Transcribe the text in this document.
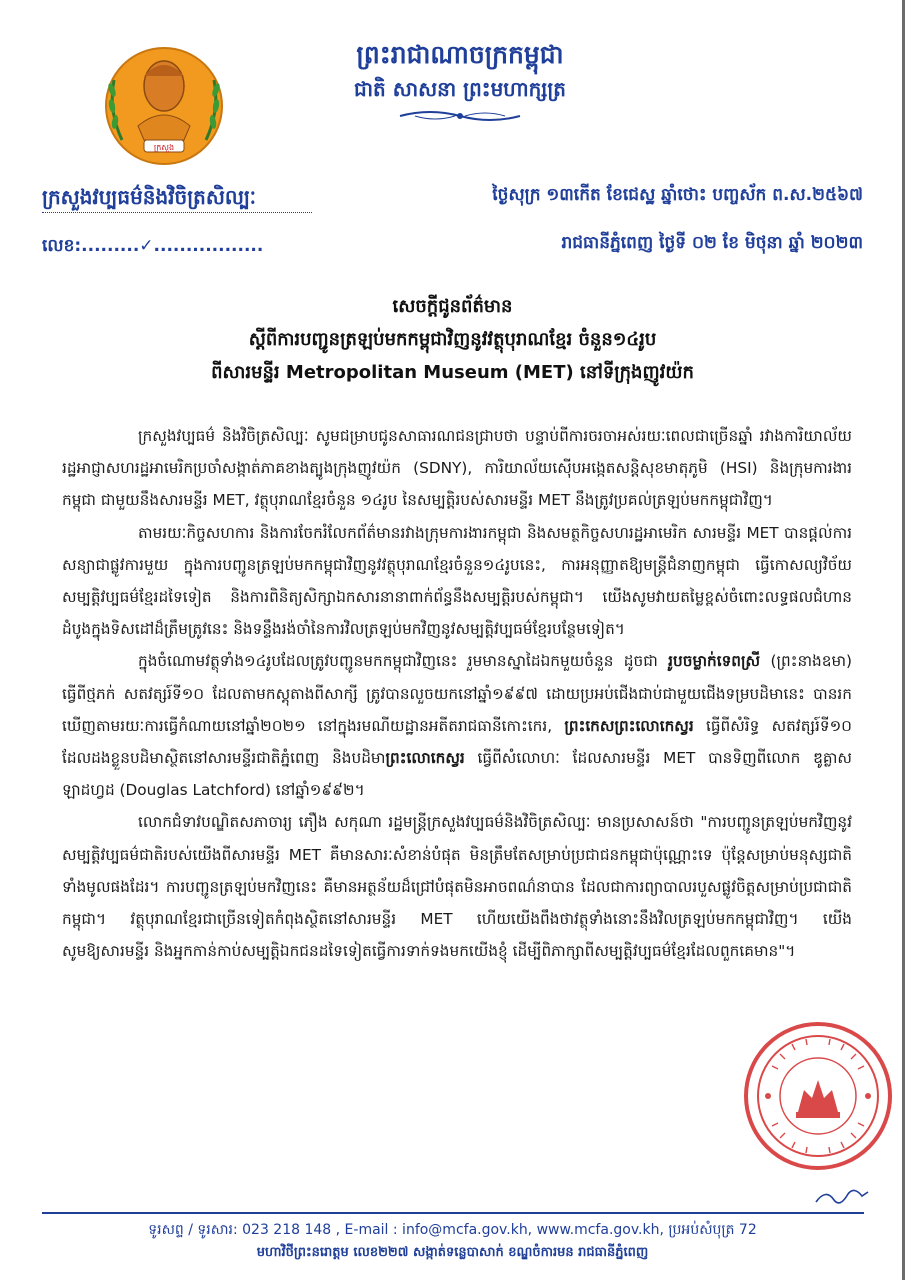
ក្រសួង
ព្រះរាជាណាចក្រកម្ពុជា
ជាតិ សាសនា ព្រះមហាក្សត្រ
ក្រសួងវប្បធម៌និងវិចិត្រសិល្បៈ
លេខ:.........✓.................
ថ្ងៃសុក្រ ១៣កើត ខែជេស្ឋ ឆ្នាំថោះ បញ្ចស័ក ព.ស.២៥៦៧
រាជធានីភ្នំពេញ ថ្ងៃទី ០២ ខែ មិថុនា ឆ្នាំ ២០២៣
សេចក្ដីជូនព័ត៌មាន
ស្ដីពីការបញ្ជូនត្រឡប់មកកម្ពុជាវិញនូវវត្ថុបុរាណខ្មែរ ចំនួន១៤រូប
ពីសារមន្ទីរ Metropolitan Museum (MET) នៅទីក្រុងញូវយ៉ក

ក្រសួងវប្បធម៌ និងវិចិត្រសិល្បៈ សូមជម្រាបជូនសាធារណជនជ្រាបថា បន្ទាប់ពីការចរចាអស់រយៈពេលជាច្រើនឆ្នាំ រវាងការិយាល័យរដ្ឋអាជ្ញាសហរដ្ឋអាមេរិកប្រចាំសង្កាត់ភាគខាងត្បូងក្រុងញូវយ៉ក (SDNY), ការិយាល័យស៊ើបអង្កេតសន្តិសុខមាតុភូមិ (HSI) និងក្រុមការងារកម្ពុជា ជាមួយនឹងសារមន្ទីរ MET, វត្ថុបុរាណខ្មែរចំនួន ១៤រូប នៃសម្បត្តិរបស់សារមន្ទីរ MET នឹងត្រូវប្រគល់ត្រឡប់មកកម្ពុជាវិញ។

តាមរយៈកិច្ចសហការ និងការចែករំលែកព័ត៌មានរវាងក្រុមការងារកម្ពុជា និងសមត្ថកិច្ចសហរដ្ឋអាមេរិក សារមន្ទីរ MET បានផ្ដល់ការសន្យាជាផ្លូវការមួយ ក្នុងការបញ្ជូនត្រឡប់មកកម្ពុជាវិញនូវវត្ថុបុរាណខ្មែរចំនួន១៤រូបនេះ, ការអនុញ្ញាតឱ្យមន្ត្រីជំនាញកម្ពុជា ធ្វើកោសល្យវិច័យសម្បត្តិវប្បធម៌ខ្មែរដទៃទៀត និងការពិនិត្យសិក្សាឯកសារនានាពាក់ព័ន្ធនឹងសម្បត្តិរបស់កម្ពុជា។ យើងសូមវាយតម្លៃខ្ពស់ចំពោះលទ្ធផលជំហានដំបូងក្នុងទិសដៅដ៏ត្រឹមត្រូវនេះ និងទន្ទឹងរង់ចាំនៃការវិលត្រឡប់មកវិញនូវសម្បត្តិវប្បធម៌ខ្មែរបន្ថែមទៀត។

ក្នុងចំណោមវត្ថុទាំង១៤រូបដែលត្រូវបញ្ជូនមកកម្ពុជាវិញនេះ រួមមានស្នាដៃឯកមួយចំនួន ដូចជា រូបចម្លាក់ទេពស្រី (ព្រះនាងឧមា) ធ្វើពីថ្មភក់ សតវត្សរ៍ទី១០ ដែលតាមកស្ដុតាងពីសាក្សី ត្រូវបានលួចយកនៅឆ្នាំ១៩៩៧ ដោយប្រអប់ជើងជាប់ជាមួយជើងទម្របដិមានេះ បានរកឃើញតាមរយៈការធ្វើកំណាយនៅឆ្នាំ២០២១ នៅក្នុងរមណីយដ្ឋានអតីតរាជធានីកោះកេរ, ព្រះកេសព្រះលោកេស្វរ ធ្វើពីសំរិទ្ធ សតវត្សរ៍ទី១០ ដែលដងខ្លួនបដិមាស្ថិតនៅសារមន្ទីរជាតិភ្នំពេញ និងបដិមាព្រះលោកេស្វរ ធ្វើពីសំលោហៈ ដែលសារមន្ទីរ MET បានទិញពីលោក ឌូគ្លាស ឡាដហ្វដ (Douglas Latchford) នៅឆ្នាំ១៩៩២។

លោកជំទាវបណ្ឌិតសភាចារ្យ ភឿង សកុណា រដ្ឋមន្ត្រីក្រសួងវប្បធម៌និងវិចិត្រសិល្បៈ មានប្រសាសន៍ថា "ការបញ្ជូនត្រឡប់មកវិញនូវសម្បត្តិវប្បធម៌ជាតិរបស់យើងពីសារមន្ទីរ MET គឺមានសារៈសំខាន់បំផុត មិនត្រឹមតែសម្រាប់ប្រជាជនកម្ពុជាប៉ុណ្ណោះទេ ប៉ុន្តែសម្រាប់មនុស្សជាតិទាំងមូលផងដែរ។ ការបញ្ជូនត្រឡប់មកវិញនេះ គឺមានអត្ថន័យដ៏ជ្រៅបំផុតមិនអាចពណ៌នាបាន ដែលជាការព្យាបាលរបួសផ្លូវចិត្តសម្រាប់ប្រជាជាតិកម្ពុជា។ វត្ថុបុរាណខ្មែរជាច្រើនទៀតកំពុងស្ថិតនៅសារមន្ទីរ MET ហើយយើងពឹងថាវត្ថុទាំងនោះនឹងវិលត្រឡប់មកកម្ពុជាវិញ។ យើងសូមឱ្យសារមន្ទីរ និងអ្នកកាន់កាប់សម្បត្តិឯកជនដទៃទៀតធ្វើការទាក់ទងមកយើងខ្ញុំ ដើម្បីពិភាក្សាពីសម្បត្តិវប្បធម៌ខ្មែរដែលពួកគេមាន"។

ទូរសព្ទ / ទូរសារ: 023 218 148 , E-mail : info@mcfa.gov.kh, www.mcfa.gov.kh, ប្រអប់សំបុត្រ 72
មហាវិថីព្រះនរោត្ដម លេខ២២៧ សង្កាត់ទន្លេបាសាក់ ខណ្ឌចំការមន រាជធានីភ្នំពេញ
